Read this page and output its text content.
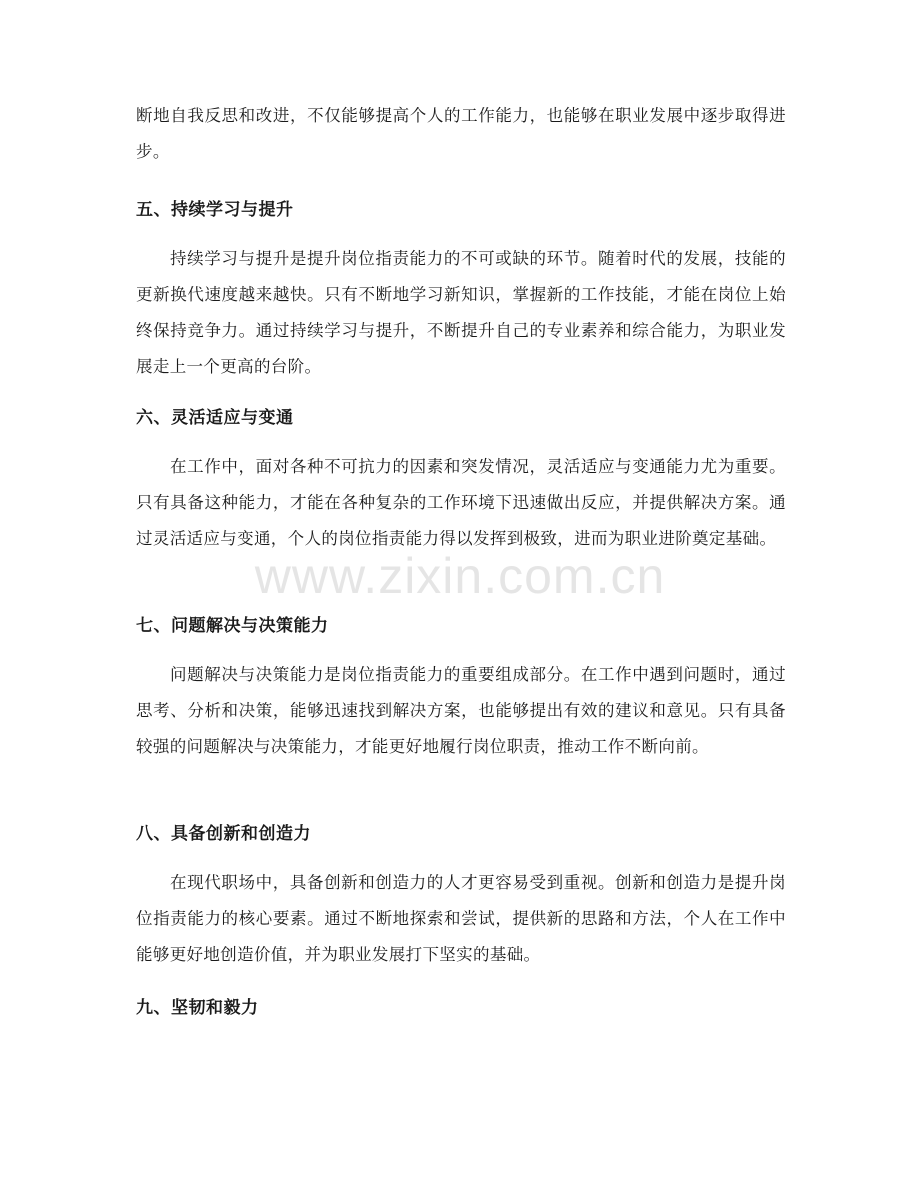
断地自我反思和改进，不仅能够提高个人的工作能力，也能够在职业发展中逐步取得进步。

五、持续学习与提升

持续学习与提升是提升岗位指责能力的不可或缺的环节。随着时代的发展，技能的更新换代速度越来越快。只有不断地学习新知识，掌握新的工作技能，才能在岗位上始终保持竞争力。通过持续学习与提升，不断提升自己的专业素养和综合能力，为职业发展走上一个更高的台阶。

六、灵活适应与变通

在工作中，面对各种不可抗力的因素和突发情况，灵活适应与变通能力尤为重要。只有具备这种能力，才能在各种复杂的工作环境下迅速做出反应，并提供解决方案。通过灵活适应与变通，个人的岗位指责能力得以发挥到极致，进而为职业进阶奠定基础。

七、问题解决与决策能力

问题解决与决策能力是岗位指责能力的重要组成部分。在工作中遇到问题时，通过思考、分析和决策，能够迅速找到解决方案，也能够提出有效的建议和意见。只有具备较强的问题解决与决策能力，才能更好地履行岗位职责，推动工作不断向前。

八、具备创新和创造力

在现代职场中，具备创新和创造力的人才更容易受到重视。创新和创造力是提升岗位指责能力的核心要素。通过不断地探索和尝试，提供新的思路和方法，个人在工作中能够更好地创造价值，并为职业发展打下坚实的基础。

九、坚韧和毅力
www.zixin.com.cn
